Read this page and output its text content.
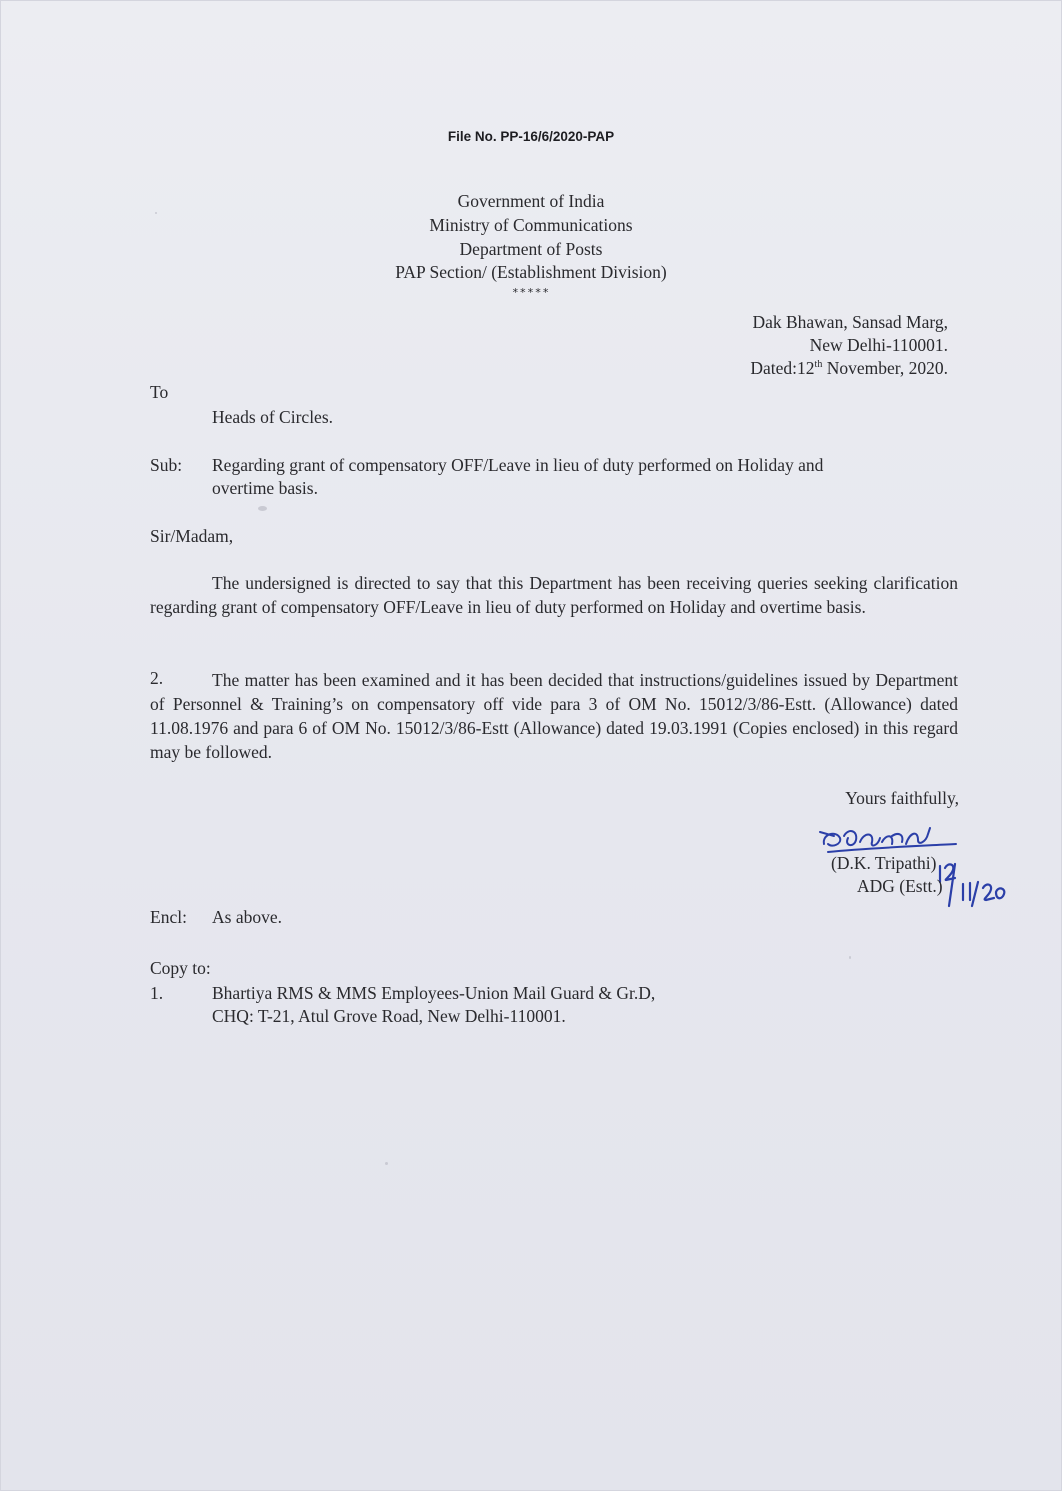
File No. PP-16/6/2020-PAP
Government of India
Ministry of Communications
Department of Posts
PAP Section/ (Establishment Division)
*****
Dak Bhawan, Sansad Marg,
New Delhi-110001.
Dated:12th November, 2020.
To
Heads of Circles.
Sub: Regarding grant of compensatory OFF/Leave in lieu of duty performed on Holiday and
overtime basis.
Sir/Madam,
The undersigned is directed to say that this Department has been receiving queries seeking clarification regarding grant of compensatory OFF/Leave in lieu of duty performed on Holiday and overtime basis.
2.	The matter has been examined and it has been decided that instructions/guidelines issued by Department of Personnel & Training’s on compensatory off vide para 3 of OM No. 15012/3/86-Estt. (Allowance) dated 11.08.1976 and para 6 of OM No. 15012/3/86-Estt (Allowance) dated 19.03.1991 (Copies enclosed) in this regard may be followed.
Yours faithfully,
(D.K. Tripathi)
ADG (Estt.)
Encl: As above.
Copy to:
1.	Bhartiya RMS & MMS Employees-Union Mail Guard & Gr.D,
CHQ: T-21, Atul Grove Road, New Delhi-110001.
